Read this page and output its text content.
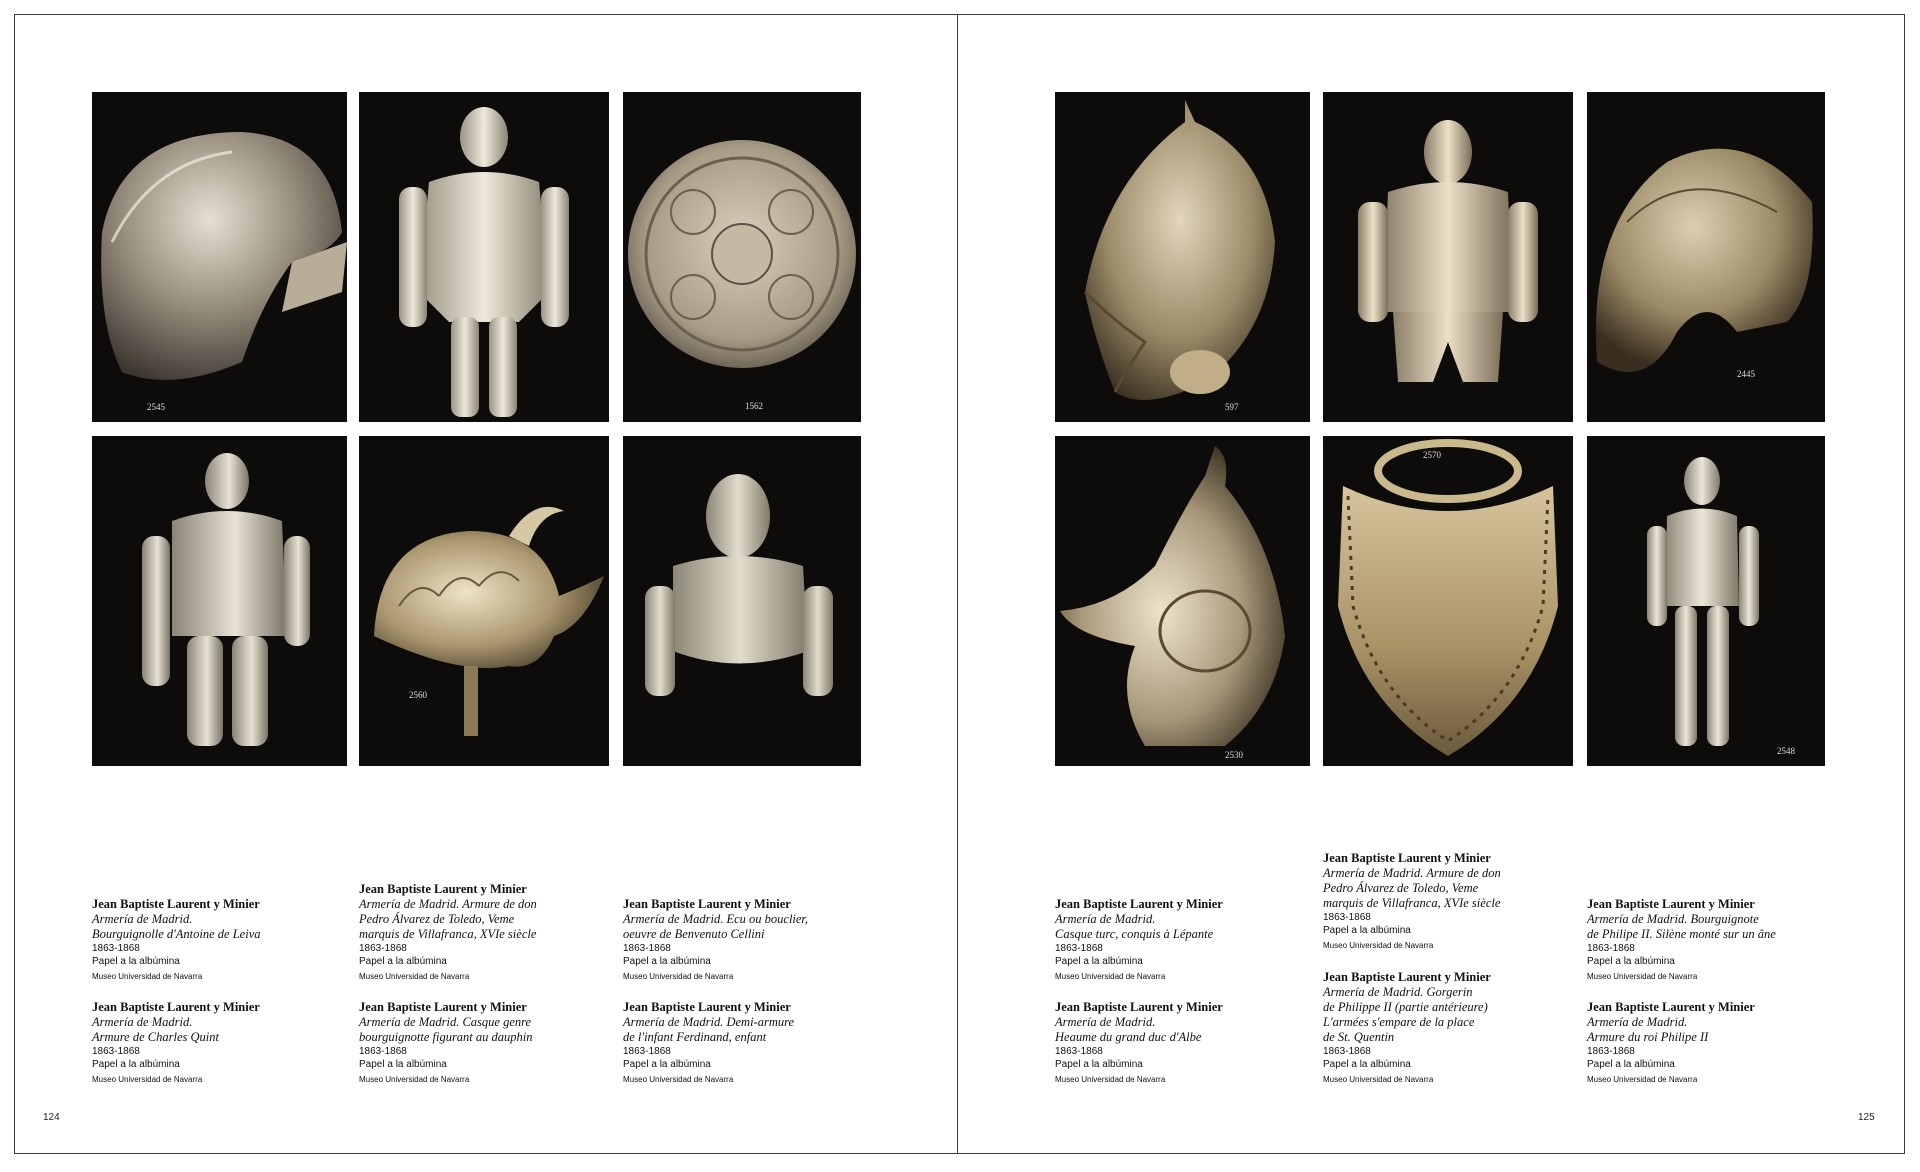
2545	1562
2560
597
2445
2530
2570
2548
Jean Baptiste Laurent y Minier
Armería de Madrid.
Bourguignolle d'Antoine de Leiva
1863-1868
Papel a la albúmina
Museo Universidad de Navarra
Jean Baptiste Laurent y Minier
Armería de Madrid. Armure de don
Pedro Álvarez de Toledo, Veme
marquis de Villafranca, XVIe siècle
1863-1868
Papel a la albúmina
Museo Universidad de Navarra
Jean Baptiste Laurent y Minier
Armería de Madrid. Ecu ou bouclier,
oeuvre de Benvenuto Cellini
1863-1868
Papel a la albúmina
Museo Universidad de Navarra
Jean Baptiste Laurent y Minier
Armería de Madrid.
Armure de Charles Quint
1863-1868
Papel a la albúmina
Museo Universidad de Navarra
Jean Baptiste Laurent y Minier
Armería de Madrid. Casque genre
bourguignotte figurant au dauphin
1863-1868
Papel a la albúmina
Museo Universidad de Navarra
Jean Baptiste Laurent y Minier
Armería de Madrid. Demi-armure
de l'infant Ferdinand, enfant
1863-1868
Papel a la albúmina
Museo Universidad de Navarra
Jean Baptiste Laurent y Minier
Armería de Madrid.
Casque turc, conquis à Lépante
1863-1868
Papel a la albúmina
Museo Universidad de Navarra
Jean Baptiste Laurent y Minier
Armería de Madrid. Armure de don
Pedro Álvarez de Toledo, Veme
marquis de Villafranca, XVIe siècle
1863-1868
Papel a la albúmina
Museo Universidad de Navarra
Jean Baptiste Laurent y Minier
Armería de Madrid. Bourguignote
de Philipe II. Silène monté sur un âne
1863-1868
Papel a la albúmina
Museo Universidad de Navarra
Jean Baptiste Laurent y Minier
Armería de Madrid.
Heaume du grand duc d'Albe
1863-1868
Papel a la albúmina
Museo Universidad de Navarra
Jean Baptiste Laurent y Minier
Armería de Madrid. Gorgerin
de Philippe II (partie antérieure)
L'armées s'empare de la place
de St. Quentin
1863-1868
Papel a la albúmina
Museo Universidad de Navarra
Jean Baptiste Laurent y Minier
Armería de Madrid.
Armure du roi Philipe II
1863-1868
Papel a la albúmina
Museo Universidad de Navarra
124	125
